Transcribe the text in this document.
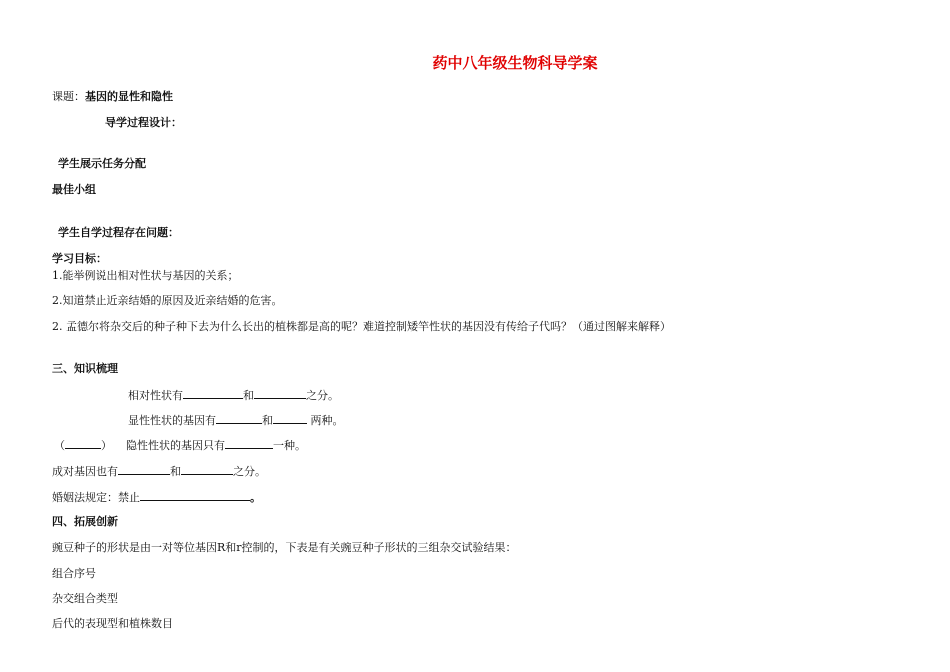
药中八年级生物科导学案
课题：基因的显性和隐性
导学过程设计：
学生展示任务分配
最佳小组
学生自学过程存在问题：
学习目标：
1.能举例说出相对性状与基因的关系；
2.知道禁止近亲结婚的原因及近亲结婚的危害。
2. 孟德尔将杂交后的种子种下去为什么长出的植株都是高的呢？难道控制矮竿性状的基因没有传给子代吗？（通过图解来解释）
三、知识梳理
相对性状有	和	之分。
显性性状的基因有	和	两种。
（	） 隐性性状的基因只有	一种。
成对基因也有	和	之分。
婚姻法规定：禁止	。
四、拓展创新
豌豆种子的形状是由一对等位基因R和r控制的，下表是有关豌豆种子形状的三组杂交试验结果：
组合序号
杂交组合类型
后代的表现型和植株数目
